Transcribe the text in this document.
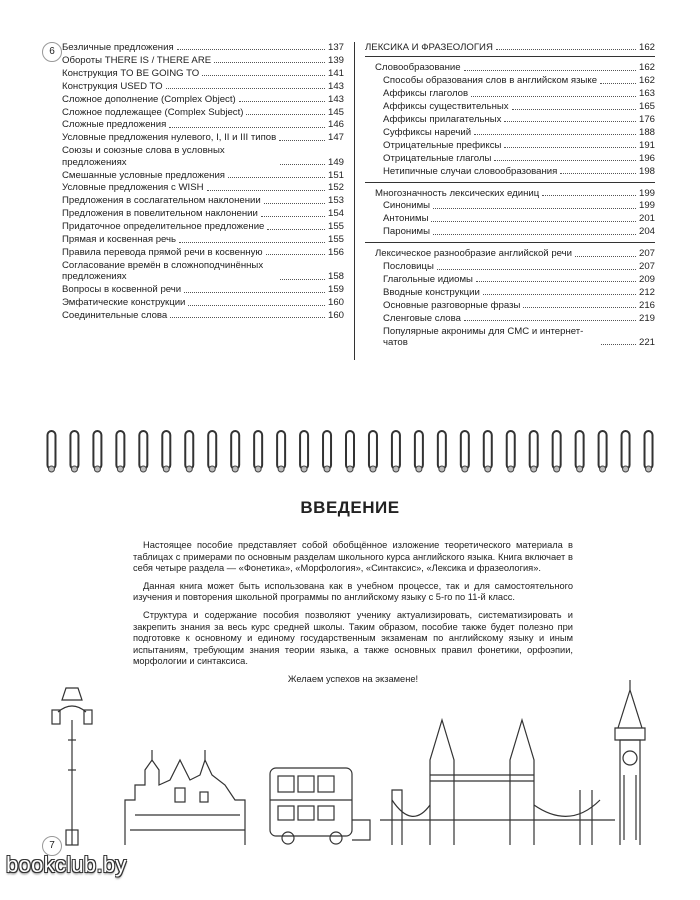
6 Безличные предложения	137
Обороты THERE IS / THERE ARE	139
Конструкция TO BE GOING TO	141
Конструкция USED TO	143
Сложное дополнение (Complex Object)	143
Сложное подлежащее (Complex Subject)	145
Сложные предложения	146
Условные предложения нулевого, I, II и III типов	147
Союзы и союзные слова в условных предложениях	149
Смешанные условные предложения	151
Условные предложения с WISH	152
Предложения в сослагательном наклонении	153
Предложения в повелительном наклонении	154
Придаточное определительное предложение	155
Прямая и косвенная речь	155
Правила перевода прямой речи в косвенную	156
Согласование времён в сложноподчинённых предложениях	158
Вопросы в косвенной речи	159
Эмфатические конструкции	160
Соединительные слова	160
ЛЕКСИКА И ФРАЗЕОЛОГИЯ	162
Словообразование	162
Способы образования слов в английском языке	162
Аффиксы глаголов	163
Аффиксы существительных	165
Аффиксы прилагательных	176
Суффиксы наречий	188
Отрицательные префиксы	191
Отрицательные глаголы	196
Нетипичные случаи словообразования	198
Многозначность лексических единиц	199
Синонимы	199
Антонимы	201
Паронимы	204
Лексическое разнообразие английской речи	207
Пословицы	207
Глагольные идиомы	209
Вводные конструкции	212
Основные разговорные фразы	216
Сленговые слова	219
Популярные акронимы для СМС и интернет-чатов	221
ВВЕДЕНИЕ

Настоящее пособие представляет собой обобщённое изложение теоретического материала в таблицах с примерами по основным разделам школьного курса английского языка. Книга включает в себя четыре раздела — «Фонетика», «Морфология», «Синтаксис», «Лексика и фразеология».

Данная книга может быть использована как в учебном процессе, так и для самостоятельного изучения и повторения школьной программы по английскому языку с 5-го по 11-й класс.

Структура и содержание пособия позволяют ученику актуализировать, систематизировать и закрепить знания за весь курс средней школы. Таким образом, пособие также будет полезно при подготовке к основному и единому государственным экзаменам по английскому языку и иным испытаниям, требующим знания теории языка, а также основных правил фонетики, орфоэпии, морфологии и синтаксиса.

Желаем успехов на экзамене!

7
bookclub.by
